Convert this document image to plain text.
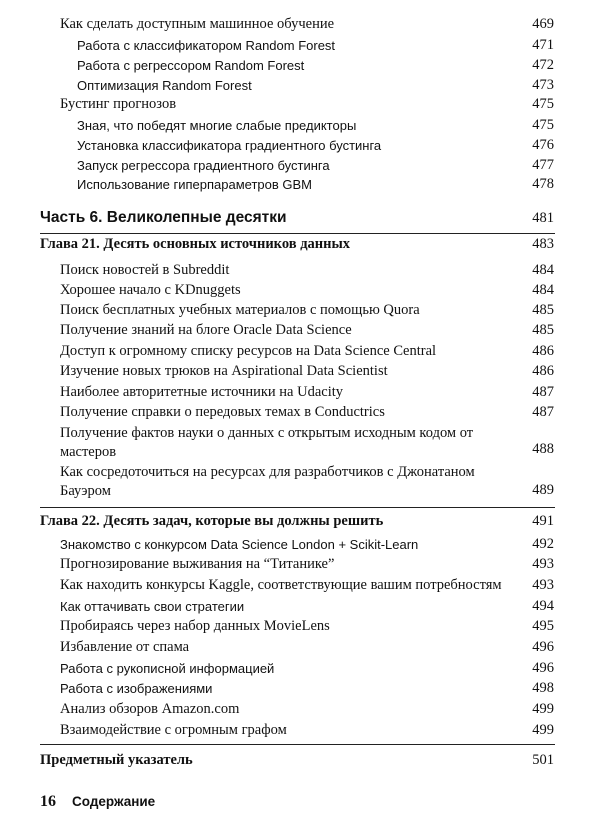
Как сделать доступным машинное обучение	469
Работа с классификатором Random Forest	471
Работа с регрессором Random Forest	472
Оптимизация Random Forest	473
Бустинг прогнозов	475
Зная, что победят многие слабые предикторы	475
Установка классификатора градиентного бустинга	476
Запуск регрессора градиентного бустинга	477
Использование гиперпараметров GBM	478
Часть 6. Великолепные десятки	481
Глава 21. Десять основных источников данных	483
Поиск новостей в Subreddit	484
Хорошее начало с KDnuggets	484
Поиск бесплатных учебных материалов с помощью Quora	485
Получение знаний на блоге Oracle Data Science	485
Доступ к огромному списку ресурсов на Data Science Central	486
Изучение новых трюков на Aspirational Data Scientist	486
Наиболее авторитетные источники на Udacity	487
Получение справки о передовых темах в Conductrics	487
Получение фактов науки о данных с открытым исходным кодом от мастеров	488
Как сосредоточиться на ресурсах для разработчиков с Джонатаном Бауэром	489
Глава 22. Десять задач, которые вы должны решить	491
Знакомство с конкурсом Data Science London + Scikit-Learn	492
Прогнозирование выживания на “Титанике”	493
Как находить конкурсы Kaggle, соответствующие вашим потребностям 493
Как оттачивать свои стратегии	494
Пробираясь через набор данных MovieLens	495
Избавление от спама	496
Работа с рукописной информацией	496
Работа с изображениями	498
Анализ обзоров Amazon.com	499
Взаимодействие с огромным графом	499
Предметный указатель	501
16 Содержание
